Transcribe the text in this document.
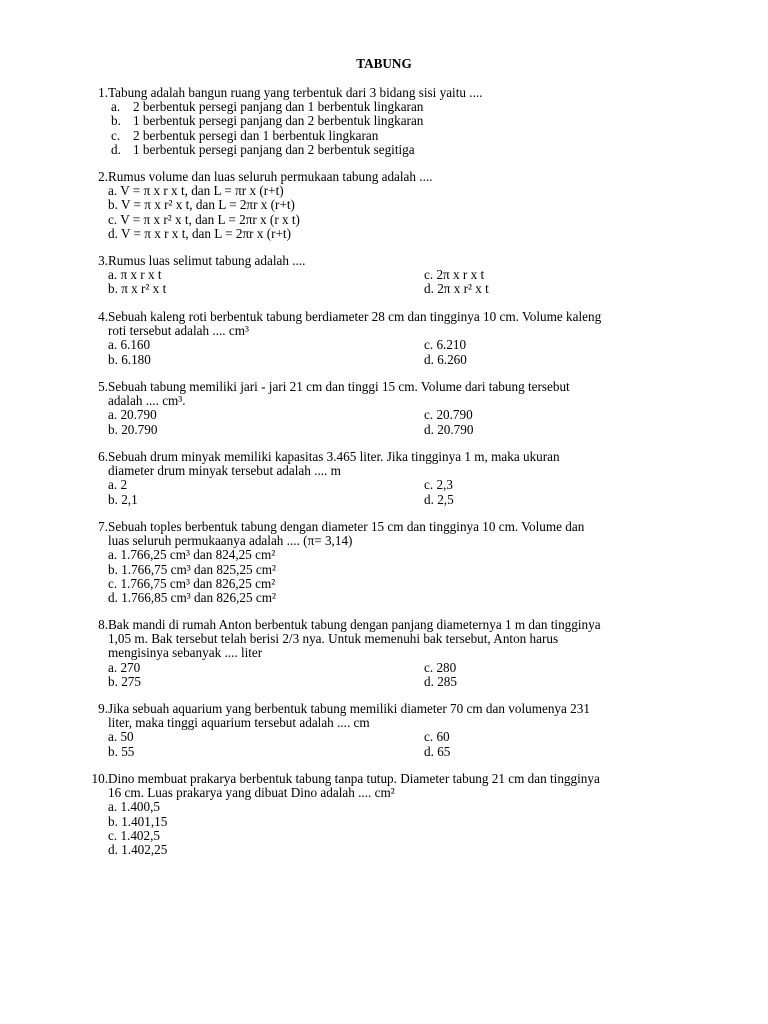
TABUNG
1. Tabung adalah bangun ruang yang terbentuk dari 3 bidang sisi yaitu ....
a. 2 berbentuk persegi panjang dan 1 berbentuk lingkaran
b. 1 berbentuk persegi panjang dan 2 berbentuk lingkaran
c. 2 berbentuk persegi dan 1 berbentuk lingkaran
d. 1 berbentuk persegi panjang dan 2 berbentuk segitiga
2. Rumus volume dan luas seluruh permukaan tabung adalah ....
a. V = π x r x t, dan L = πr x (r+t)
b. V = π x r² x t, dan L = 2πr x (r+t)
c. V = π x r² x t, dan L = 2πr x (r x t)
d. V = π x r x t, dan L = 2πr x (r+t)
3. Rumus luas selimut tabung adalah ....
a. π x r x t	c. 2π x r x t
b. π x r² x t	d. 2π x r² x t
4. Sebuah kaleng roti berbentuk tabung berdiameter 28 cm dan tingginya 10 cm. Volume kaleng
roti tersebut adalah .... cm³
a. 6.160	c. 6.210
b. 6.180	d. 6.260
5. Sebuah tabung memiliki jari - jari 21 cm dan tinggi 15 cm. Volume dari tabung tersebut
adalah .... cm³.
a. 20.790	c. 20.790
b. 20.790	d. 20.790
6. Sebuah drum minyak memiliki kapasitas 3.465 liter. Jika tingginya 1 m, maka ukuran
diameter drum minyak tersebut adalah .... m
a. 2	c. 2,3
b. 2,1	d. 2,5
7. Sebuah toples berbentuk tabung dengan diameter 15 cm dan tingginya 10 cm. Volume dan
luas seluruh permukaanya adalah .... (π= 3,14)
a. 1.766,25 cm³ dan 824,25 cm²
b. 1.766,75 cm³ dan 825,25 cm²
c. 1.766,75 cm³ dan 826,25 cm²
d. 1.766,85 cm³ dan 826,25 cm²
8. Bak mandi di rumah Anton berbentuk tabung dengan panjang diameternya 1 m dan tingginya
1,05 m. Bak tersebut telah berisi 2/3 nya. Untuk memenuhi bak tersebut, Anton harus
mengisinya sebanyak .... liter
a. 270	c. 280
b. 275	d. 285
9. Jika sebuah aquarium yang berbentuk tabung memiliki diameter 70 cm dan volumenya 231
liter, maka tinggi aquarium tersebut adalah .... cm
a. 50	c. 60
b. 55	d. 65
10. Dino membuat prakarya berbentuk tabung tanpa tutup. Diameter tabung 21 cm dan tingginya
16 cm. Luas prakarya yang dibuat Dino adalah .... cm²
a. 1.400,5
b. 1.401,15
c. 1.402,5
d. 1.402,25
